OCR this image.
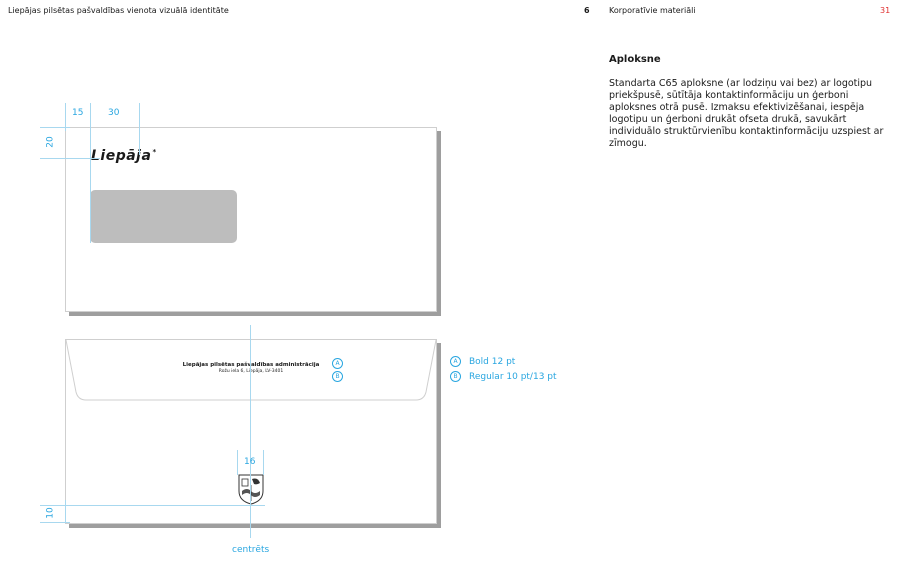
Liepājas pilsētas pašvaldības vienota vizuālā identitāte	6 Korporatīvie materiāli	31
Aploksne
Standarta C65 aploksne (ar lodziņu vai bez) ar logotipu priekšpusē, sūtītāja kontaktinformāciju un ģerboni aploksnes otrā pusē. Izmaksu efektivizēšanai, iespēja logotipu un ģerboni drukāt ofseta drukā, savukārt individuālo struktūrvienību kontaktinformāciju uzspiest ar zīmogu.
Liepāja*
15	30
20
Liepājas pilsētas pašvaldības administrācija
Rožu iela 6, Liepāja, LV-3401
A
B
16
10
centrēts
A Bold 12 pt
B Regular 10 pt/13 pt
